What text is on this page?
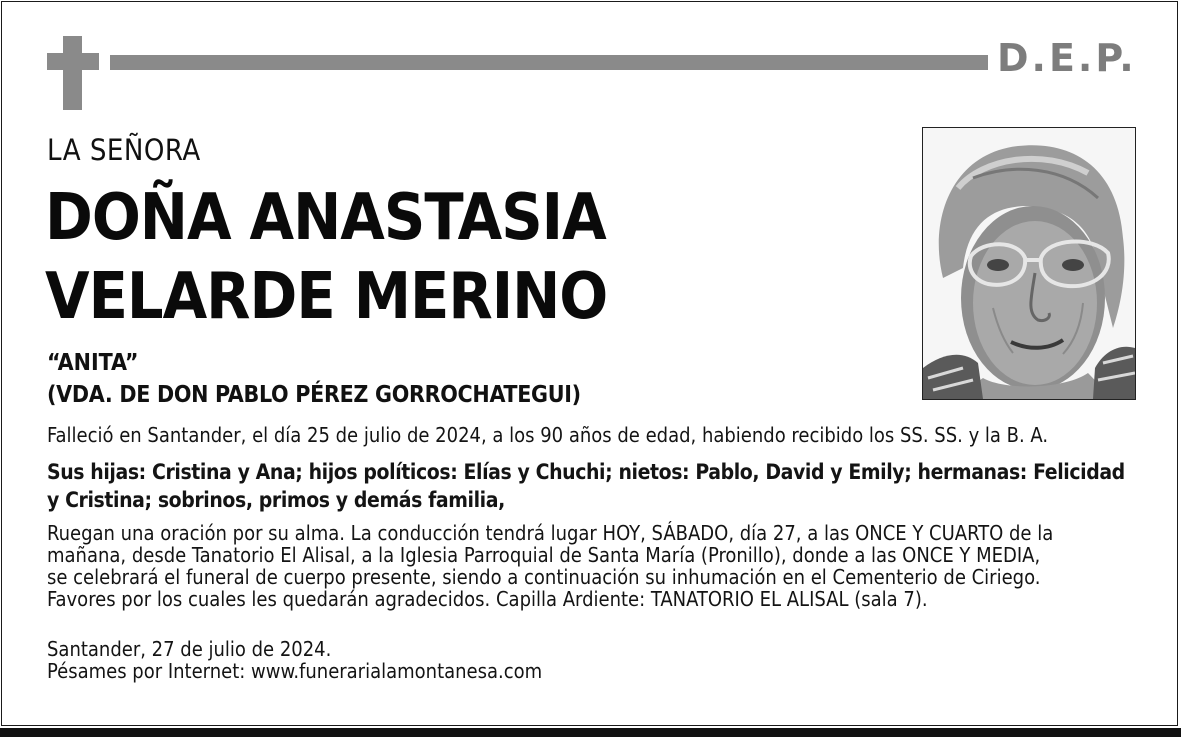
D.E.P.
LA SEÑORA
DOÑA ANASTASIA
VELARDE MERINO
“ANITA”
(VDA. DE DON PABLO PÉREZ GORROCHATEGUI)
Falleció en Santander, el día 25 de julio de 2024, a los 90 años de edad, habiendo recibido los SS. SS. y la B. A.
Sus hijas: Cristina y Ana; hijos políticos: Elías y Chuchi; nietos: Pablo, David y Emily; hermanas: Felicidad
y Cristina; sobrinos, primos y demás familia,
Ruegan una oración por su alma. La conducción tendrá lugar HOY, SÁBADO, día 27, a las ONCE Y CUARTO de la
mañana, desde Tanatorio El Alisal, a la Iglesia Parroquial de Santa María (Pronillo), donde a las ONCE Y MEDIA,
se celebrará el funeral de cuerpo presente, siendo a continuación su inhumación en el Cementerio de Ciriego.
Favores por los cuales les quedarán agradecidos. Capilla Ardiente: TANATORIO EL ALISAL (sala 7).
Santander, 27 de julio de 2024.
Pésames por Internet: www.funerarialamontanesa.com
